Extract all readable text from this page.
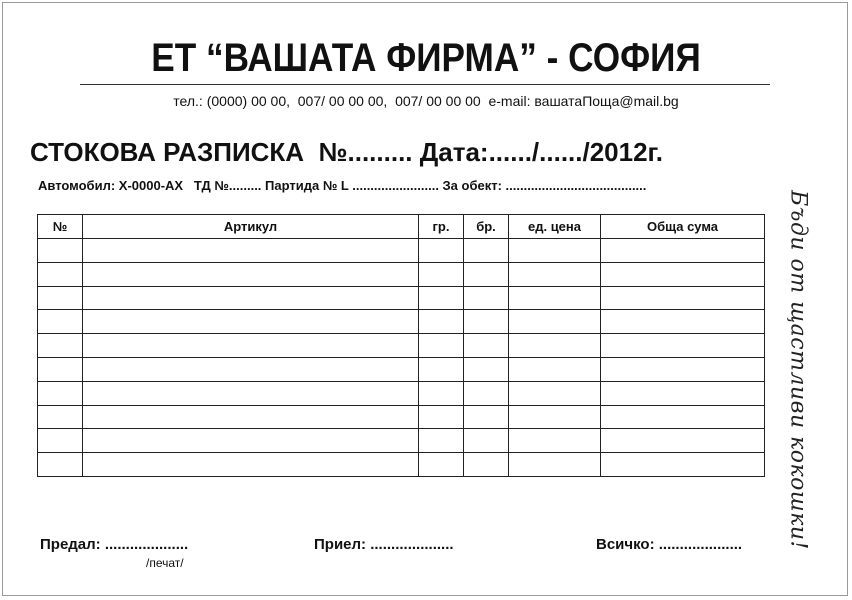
ЕТ “ВАШАТА ФИРМА” - СОФИЯ
тел.: (0000) 00 00,  007/ 00 00 00,  007/ 00 00 00  e-mail: вашатаПоща@mail.bg
СТОКОВА РАЗПИСКА  №......... Дата:....../....../2012г.
Автомобил: Х-0000-АХ   ТД №......... Партида № L ........................ За обект: .......................................
№	Артикул	гр.	бр.	ед. цена	Обща сума

						Бъди от щастливи кокошки!
Предал: ....................
/печат/
Приел: ....................	Всичко: ....................
